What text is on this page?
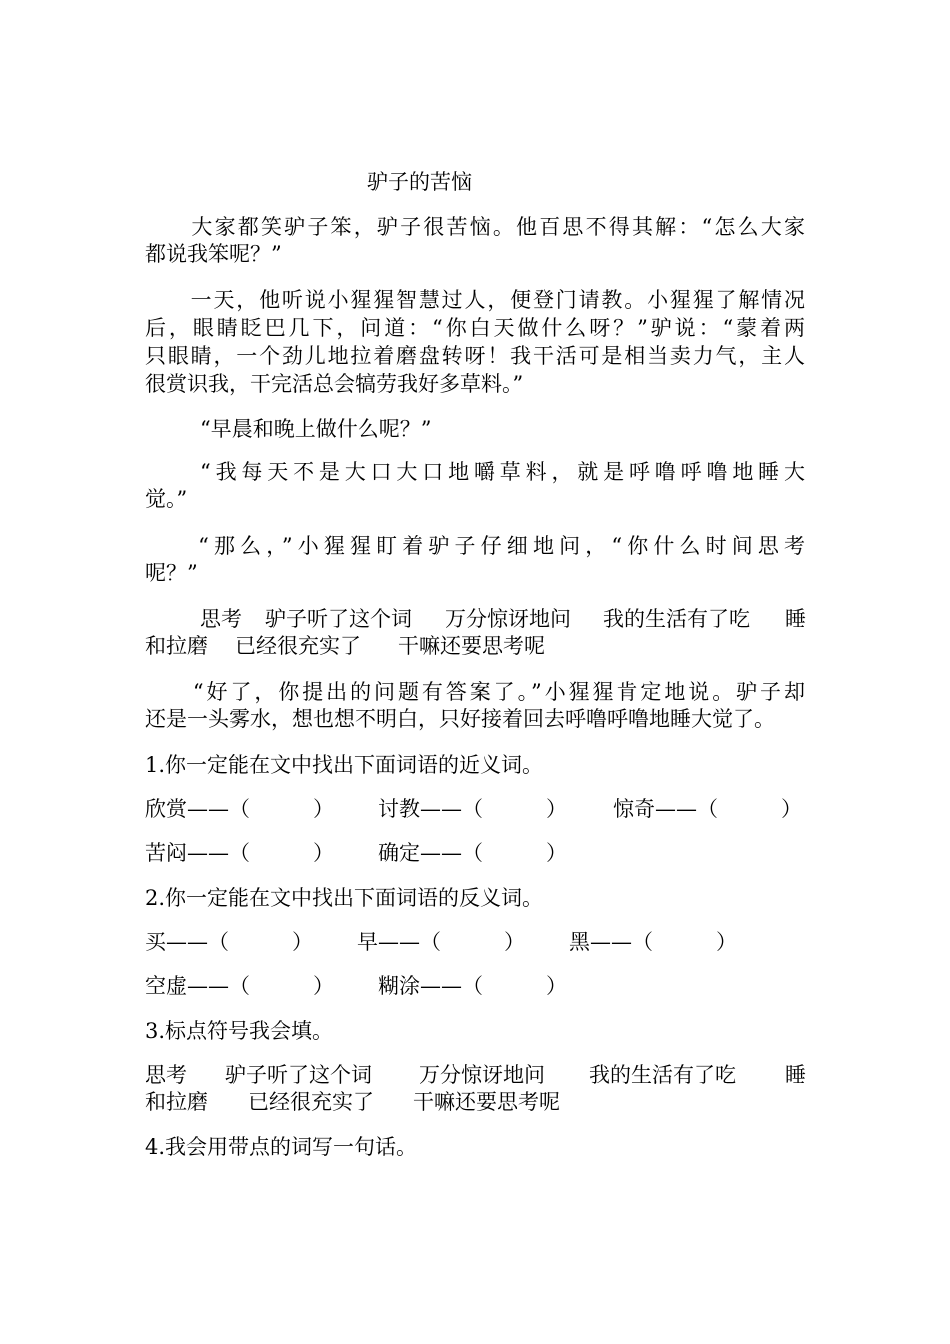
驴子的苦恼
　　大家都笑驴子笨，驴子很苦恼。他百思不得其解：“怎么大家
都说我笨呢？”
　　一天，他听说小猩猩智慧过人，便登门请教。小猩猩了解情况
后，眼睛眨巴几下，问道：“你白天做什么呀？”驴说：“蒙着两
只眼睛，一个劲儿地拉着磨盘转呀！我干活可是相当卖力气，主人
很赏识我，干完活总会犒劳我好多草料。”
“早晨和晚上做什么呢？”
“我每天不是大口大口地嚼草料，就是呼噜呼噜地睡大
觉。”
　“那么，”小猩猩盯着驴子仔细地问，“你什么时间思考
呢？”
思考 驴子听了这个词 万分惊讶地问 我的生活有了吃 睡
和拉磨 已经很充实了 干嘛还要思考呢
　　“好了，你提出的问题有答案了。”小猩猩肯定地说。驴子却
还是一头雾水，想也想不明白，只好接着回去呼噜呼噜地睡大觉了。
1.你一定能在文中找出下面词语的近义词。
欣赏——（　　　） 讨教——（　　　） 惊奇——（　　　）
苦闷——（　　　） 确定——（　　　）
2.你一定能在文中找出下面词语的反义词。
买——（　　　） 早——（　　　） 黑——（　　　）
空虚——（　　　） 糊涂——（　　　）
3.标点符号我会填。
思考 驴子听了这个词 万分惊讶地问 我的生活有了吃 睡
和拉磨 已经很充实了 干嘛还要思考呢
4.我会用带点的词写一句话。
